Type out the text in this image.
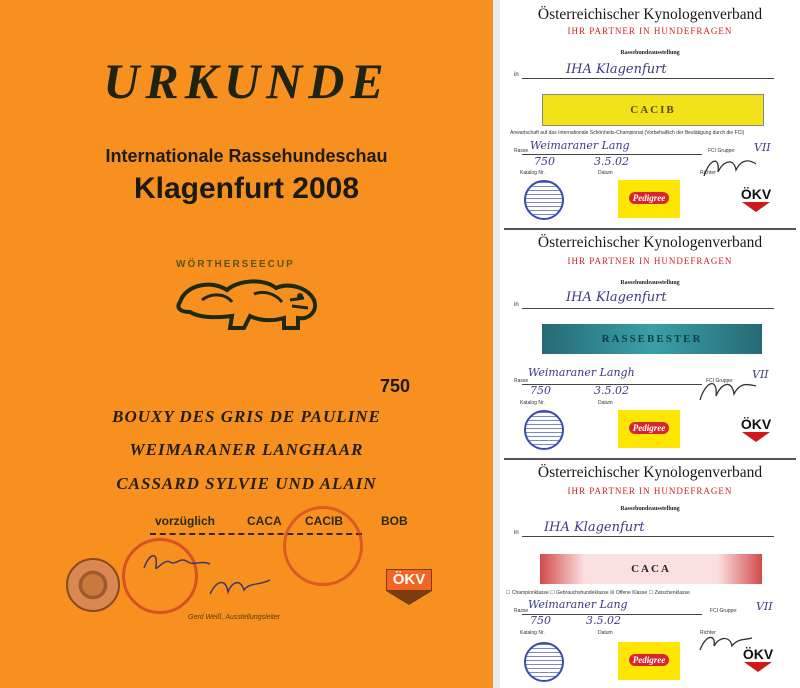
URKUNDE
Internationale Rassehundeschau
Klagenfurt 2008
WÖRTHERSEECUP
750
BOUXY DES GRIS DE PAULINE
WEIMARANER LANGHAAR
CASSARD SYLVIE UND ALAIN
vorzüglich	CACA CACIB	BOB
Gerd Weiß, Ausstellungsleiter
ÖKV
Österreichischer Kynologenverband
IHR PARTNER IN HUNDEFRAGEN
Rassehundeausstellung
in	IHA Klagenfurt
CACIB
Anwartschaft auf das Internationale Schönheits-Championat (Vorbehaltlich der Bestätigung durch die FCI)
Rasse Weimaraner Lang	FCI Gruppe: VII
750	3.5.02
Katalog Nr.	Datum	Richter
Pedigree	ÖKV
Österreichischer Kynologenverband
IHR PARTNER IN HUNDEFRAGEN
Rassehundeausstellung
in	IHA Klagenfurt
RASSEBESTER
Rasse
Weimaraner Langh
FCI Gruppe: VII
750	3.5.02
Katalog Nr.	Datum
Pedigree	ÖKV
Österreichischer Kynologenverband
IHR PARTNER IN HUNDEFRAGEN
Rassehundeausstellung
in IHA Klagenfurt
CACA
☐ Championklasse ☐ Gebrauchshundeklasse ☒ Offene Klasse ☐ Zwischenklasse
Rasse Weimaraner Lang	FCI Gruppe: VII
750	3.5.02
Katalog Nr.	Datum	Richter
Pedigree	ÖKV
